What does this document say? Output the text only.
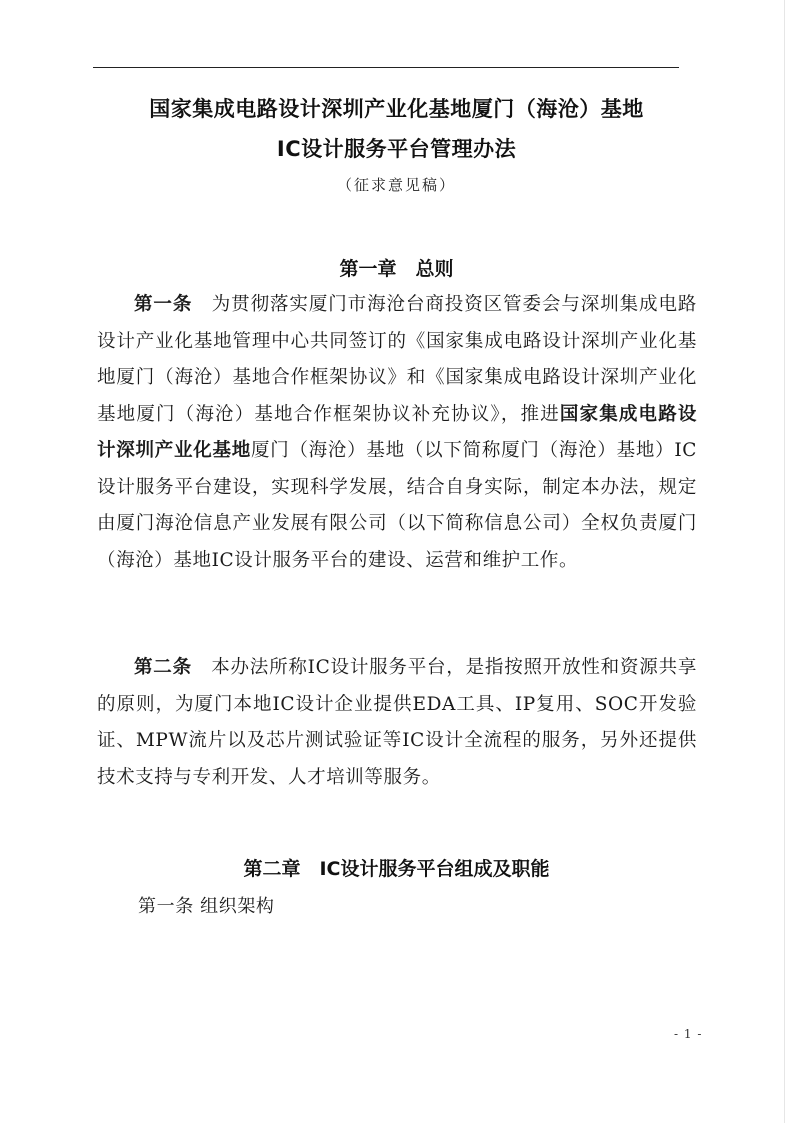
国家集成电路设计深圳产业化基地厦门（海沧）基地
IC设计服务平台管理办法
（征求意见稿）
第一章　总则
第一条　 为贯彻落实厦门市海沧台商投资区管委会与深圳集成电路设计产业化基地管理中心共同签订的《国家集成电路设计深圳产业化基地厦门（海沧）基地合作框架协议》和《国家集成电路设计深圳产业化基地厦门（海沧）基地合作框架协议补充协议》，推进国家集成电路设计深圳产业化基地厦门（海沧）基地（以下简称厦门（海沧）基地）IC设计服务平台建设，实现科学发展，结合自身实际，制定本办法，规定由厦门海沧信息产业发展有限公司（以下简称信息公司）全权负责厦门（海沧）基地IC设计服务平台的建设、运营和维护工作。
第二条　 本办法所称IC设计服务平台，是指按照开放性和资源共享的原则，为厦门本地IC设计企业提供EDA工具、IP复用、SOC开发验证、MPW流片以及芯片测试验证等IC设计全流程的服务，另外还提供技术支持与专利开发、人才培训等服务。
第二章　IC设计服务平台组成及职能
第一条 组织架构
- 1 -
